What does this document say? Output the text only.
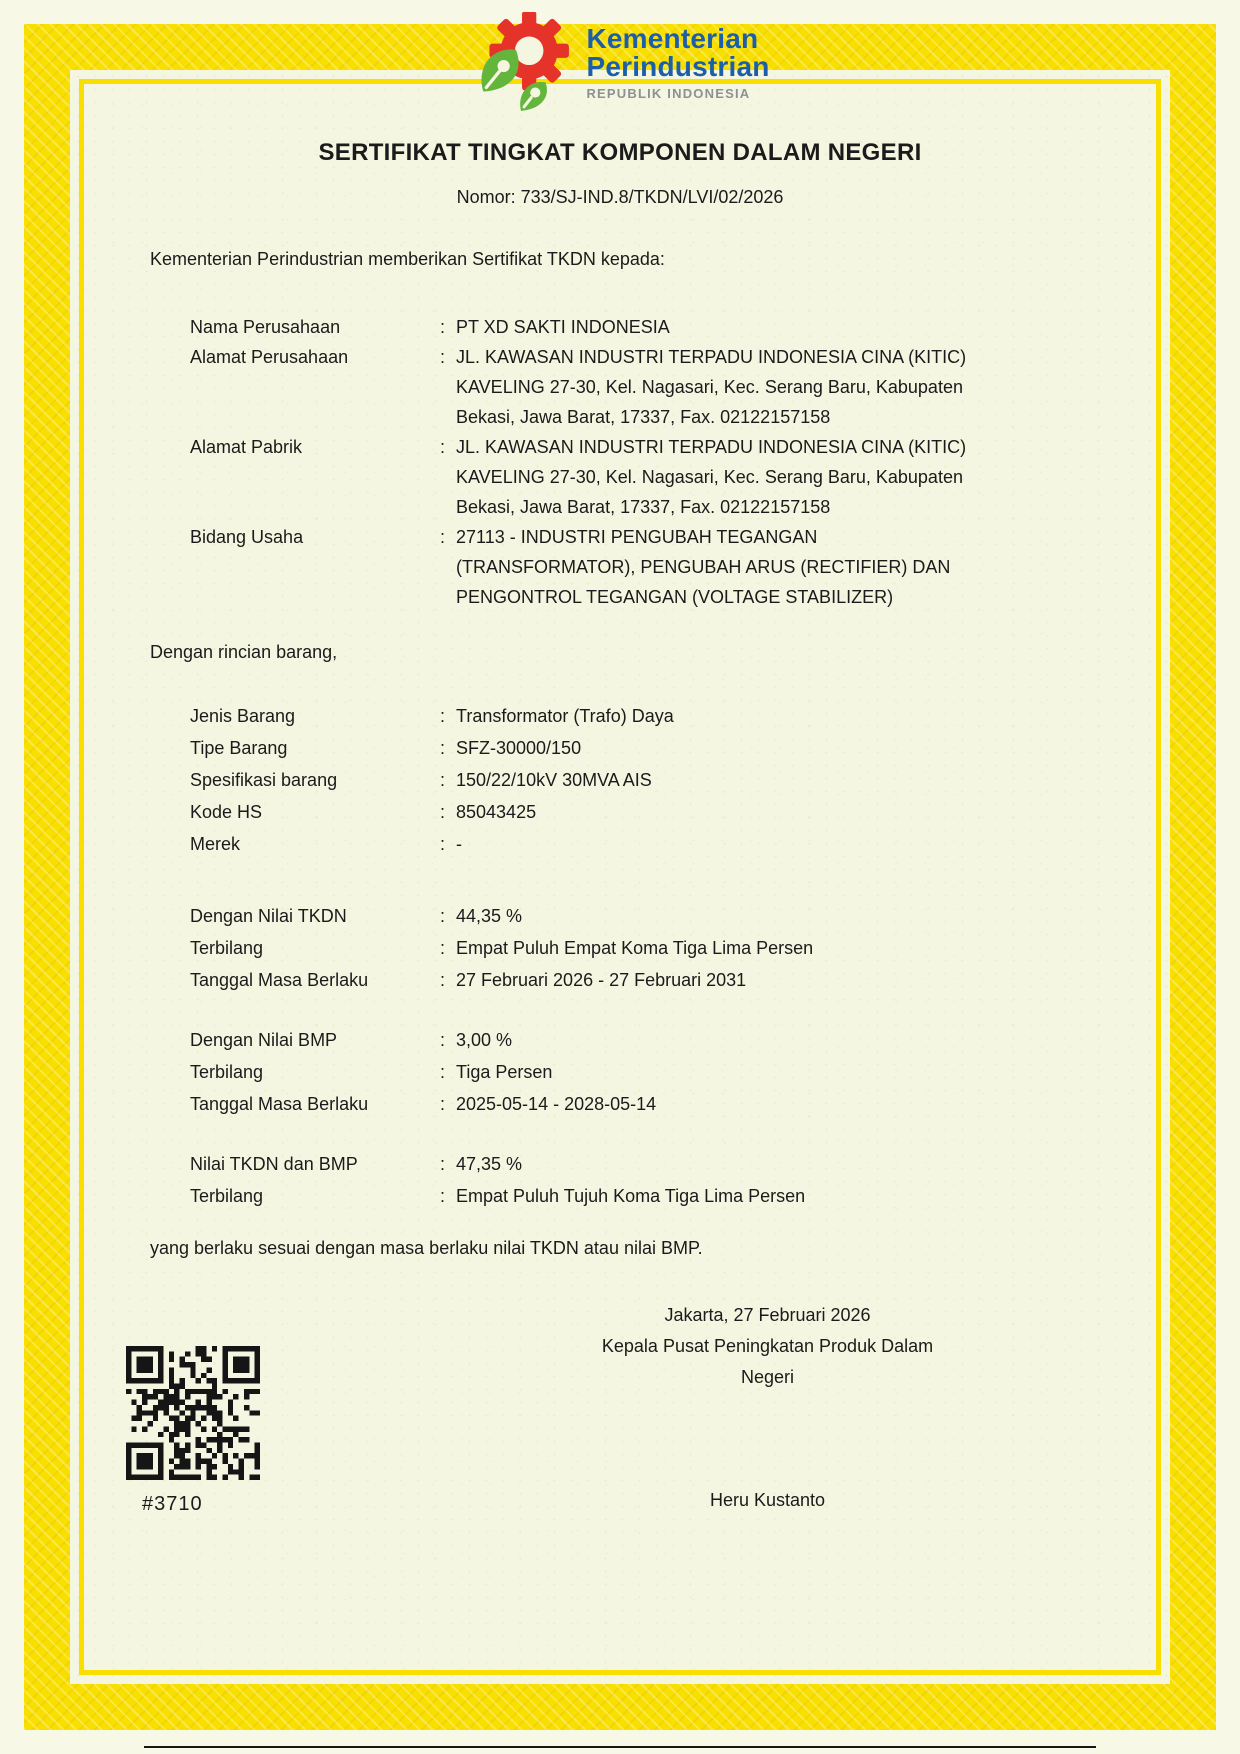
Kementerian
Perindustrian
REPUBLIK INDONESIA
SERTIFIKAT TINGKAT KOMPONEN DALAM NEGERI
Nomor: 733/SJ-IND.8/TKDN/LVI/02/2026
Kementerian Perindustrian memberikan Sertifikat TKDN kepada:
Nama Perusahaan	: PT XD SAKTI INDONESIA
Alamat Perusahaan	: JL. KAWASAN INDUSTRI TERPADU INDONESIA CINA (KITIC) KAVELING 27-30, Kel. Nagasari, Kec. Serang Baru, Kabupaten Bekasi, Jawa Barat, 17337, Fax. 02122157158
Alamat Pabrik	: JL. KAWASAN INDUSTRI TERPADU INDONESIA CINA (KITIC) KAVELING 27-30, Kel. Nagasari, Kec. Serang Baru, Kabupaten Bekasi, Jawa Barat, 17337, Fax. 02122157158
Bidang Usaha	: 27113 - INDUSTRI PENGUBAH TEGANGAN (TRANSFORMATOR), PENGUBAH ARUS (RECTIFIER) DAN PENGONTROL TEGANGAN (VOLTAGE STABILIZER)
Dengan rincian barang,
Jenis Barang	: Transformator (Trafo) Daya
Tipe Barang	: SFZ-30000/150
Spesifikasi barang	: 150/22/10kV 30MVA AIS
Kode HS	: 85043425
Merek	: -
Dengan Nilai TKDN	: 44,35 %
Terbilang	: Empat Puluh Empat Koma Tiga Lima Persen
Tanggal Masa Berlaku	: 27 Februari 2026 - 27 Februari 2031
Dengan Nilai BMP	: 3,00 %
Terbilang	: Tiga Persen
Tanggal Masa Berlaku	: 2025-05-14 - 2028-05-14
Nilai TKDN dan BMP	: 47,35 %
Terbilang	: Empat Puluh Tujuh Koma Tiga Lima Persen
yang berlaku sesuai dengan masa berlaku nilai TKDN atau nilai BMP.
Jakarta, 27 Februari 2026
Kepala Pusat Peningkatan Produk Dalam Negeri
Heru Kustanto
#3710
